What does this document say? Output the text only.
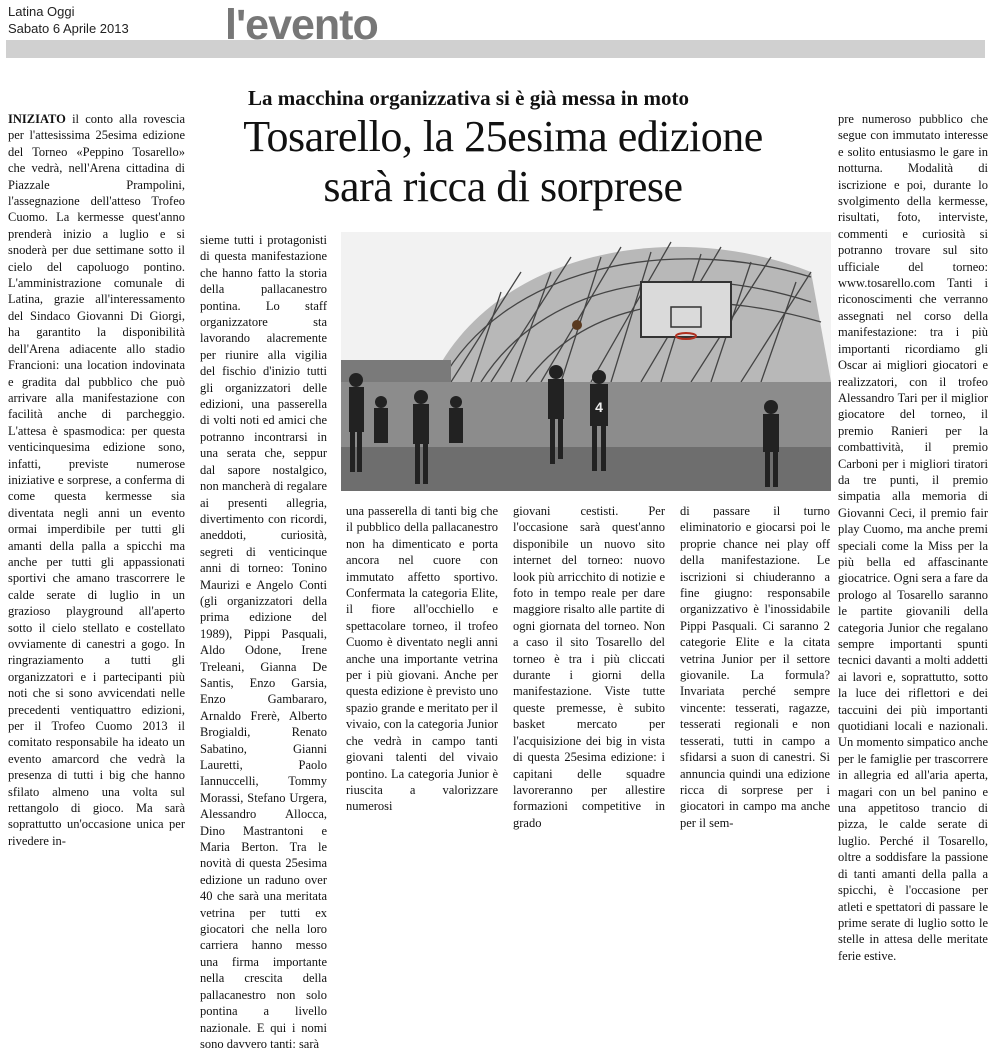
Latina Oggi
Sabato 6 Aprile 2013 l'evento
La macchina organizzativa si è già messa in moto
Tosarello, la 25esima edizione
sarà ricca di sorprese

INIZIATO il conto alla rovescia per l'attesissima 25esima edizione del Torneo «Peppino Tosarello» che vedrà, nell'Arena cittadina di Piazzale Prampolini, l'assegnazione dell'atteso Trofeo Cuomo. La kermesse quest'anno prenderà inizio a luglio e si snoderà per due settimane sotto il cielo del capoluogo pontino. L'amministrazione comunale di Latina, grazie all'interessamento del Sindaco Giovanni Di Giorgi, ha garantito la disponibilità dell'Arena adiacente allo stadio Francioni: una location indovinata e gradita dal pubblico che può arrivare alla manifestazione con facilità anche di parcheggio. L'attesa è spasmodica: per questa venticinquesima edizione sono, infatti, previste numerose iniziative e sorprese, a conferma di come questa kermesse sia diventata negli anni un evento ormai imperdibile per tutti gli amanti della palla a spicchi ma anche per tutti gli appassionati sportivi che amano trascorrere le calde serate di luglio in un grazioso playground all'aperto sotto il cielo stellato e costellato ovviamente di canestri a gogo. In ringraziamento a tutti gli organizzatori e i partecipanti più noti che si sono avvicendati nelle precedenti ventiquattro edizioni, per il Trofeo Cuomo 2013 il comitato responsabile ha ideato un evento amarcord che vedrà la presenza di tutti i big che hanno sfilato almeno una volta sul rettangolo di gioco. Ma sarà soprattutto un'occasione unica per rivedere in-

sieme tutti i protagonisti di questa manifestazione che hanno fatto la storia della pallacanestro pontina. Lo staff organizzatore sta lavorando alacremente per riunire alla vigilia del fischio d'inizio tutti gli organizzatori delle edizioni, una passerella di volti noti ed amici che potranno incontrarsi in una serata che, seppur dal sapore nostalgico, non mancherà di regalare ai presenti allegria, divertimento con ricordi, aneddoti, curiosità, segreti di venticinque anni di torneo: Tonino Maurizi e Angelo Conti (gli organizzatori della prima edizione del 1989), Pippi Pasquali, Aldo Odone, Irene Treleani, Gianna De Santis, Enzo Garsia, Enzo Gambararo, Arnaldo Frerè, Alberto Brogialdi, Renato Sabatino, Gianni Lauretti, Paolo Iannuccelli, Tommy Morassi, Stefano Urgera, Alessandro Allocca, Dino Mastrantoni e Maria Berton. Tra le novità di questa 25esima edizione un raduno over 40 che sarà una meritata vetrina per tutti ex giocatori che nella loro carriera hanno messo una firma importante nella crescita della pallacanestro non solo pontina a livello nazionale. E qui i nomi sono davvero tanti: sarà

una passerella di tanti big che il pubblico della pallacanestro non ha dimenticato e porta ancora nel cuore con immutato affetto sportivo. Confermata la categoria Elite, il fiore all'occhiello e spettacolare torneo, il trofeo Cuomo è diventato negli anni anche una importante vetrina per i più giovani. Anche per questa edizione è previsto uno spazio grande e meritato per il vivaio, con la categoria Junior che vedrà in campo tanti giovani talenti del vivaio pontino. La categoria Junior è riuscita a valorizzare numerosi

giovani cestisti. Per l'occasione sarà quest'anno disponibile un nuovo sito internet del torneo: nuovo look più arricchito di notizie e foto in tempo reale per dare maggiore risalto alle partite di ogni giornata del torneo. Non a caso il sito Tosarello del torneo è tra i più cliccati durante i giorni della manifestazione. Viste tutte queste premesse, è subito basket mercato per l'acquisizione dei big in vista di questa 25esima edizione: i capitani delle squadre lavoreranno per allestire formazioni competitive in grado

di passare il turno eliminatorio e giocarsi poi le proprie chance nei play off della manifestazione. Le iscrizioni si chiuderanno a fine giugno: responsabile organizzativo è l'inossidabile Pippi Pasquali. Ci saranno 2 categorie Elite e la citata vetrina Junior per il settore giovanile. La formula? Invariata perché sempre vincente: tesserati, ragazze, tesserati regionali e non tesserati, tutti in campo a sfidarsi a suon di canestri. Si annuncia quindi una edizione ricca di sorprese per i giocatori in campo ma anche per il sem-

pre numeroso pubblico che segue con immutato interesse e solito entusiasmo le gare in notturna. Modalità di iscrizione e poi, durante lo svolgimento della kermesse, risultati, foto, interviste, commenti e curiosità si potranno trovare sul sito ufficiale del torneo: www.tosarello.com Tanti i riconoscimenti che verranno assegnati nel corso della manifestazione: tra i più importanti ricordiamo gli Oscar ai migliori giocatori e realizzatori, con il trofeo Alessandro Tari per il miglior giocatore del torneo, il premio Ranieri per la combattività, il premio Carboni per i migliori tiratori da tre punti, il premio simpatia alla memoria di Giovanni Ceci, il premio fair play Cuomo, ma anche premi speciali come la Miss per la più bella ed affascinante giocatrice. Ogni sera a fare da prologo al Tosarello saranno le partite giovanili della categoria Junior che regalano sempre importanti spunti tecnici davanti a molti addetti ai lavori e, soprattutto, sotto la luce dei riflettori e dei taccuini dei più importanti quotidiani locali e nazionali. Un momento simpatico anche per le famiglie per trascorrere in allegria ed all'aria aperta, magari con un bel panino e una appetitoso trancio di pizza, le calde serate di luglio. Perché il Tosarello, oltre a soddisfare la passione di tanti amanti della palla a spicchi, è l'occasione per atleti e spettatori di passare le prime serate di luglio sotto le stelle in attesa delle meritate ferie estive.

4
